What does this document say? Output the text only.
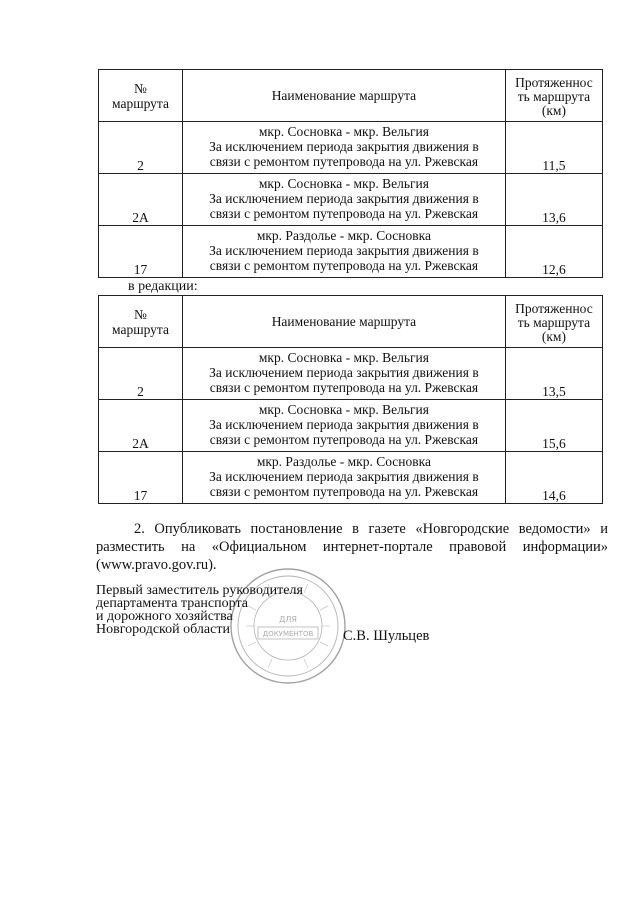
№
маршрута	Наименование маршрута	Протяженнос
ть маршрута
(км)
2	мкр. Сосновка - мкр. Вельгия
За исключением периода закрытия движения в
связи с ремонтом путепровода на ул. Ржевская	11,5
2А	мкр. Сосновка - мкр. Вельгия
За исключением периода закрытия движения в
связи с ремонтом путепровода на ул. Ржевская	13,6
17	мкр. Раздолье - мкр. Сосновка
За исключением периода закрытия движения в
связи с ремонтом путепровода на ул. Ржевская	12,6
в редакции:
№
маршрута	Наименование маршрута	Протяженнос
ть маршрута
(км)
2	мкр. Сосновка - мкр. Вельгия
За исключением периода закрытия движения в
связи с ремонтом путепровода на ул. Ржевская	13,5
2А	мкр. Сосновка - мкр. Вельгия
За исключением периода закрытия движения в
связи с ремонтом путепровода на ул. Ржевская	15,6
17	мкр. Раздолье - мкр. Сосновка
За исключением периода закрытия движения в
связи с ремонтом путепровода на ул. Ржевская	14,6
2. Опубликовать постановление в газете «Новгородские ведомости» и разместить на «Официальном интернет-портале правовой информации» (www.pravo.gov.ru).
ДЛЯ
ДОКУМЕНТОВ
Первый заместитель руководителя
департамента транспорта
и дорожного хозяйства
Новгородской области	С.В. Шульцев
